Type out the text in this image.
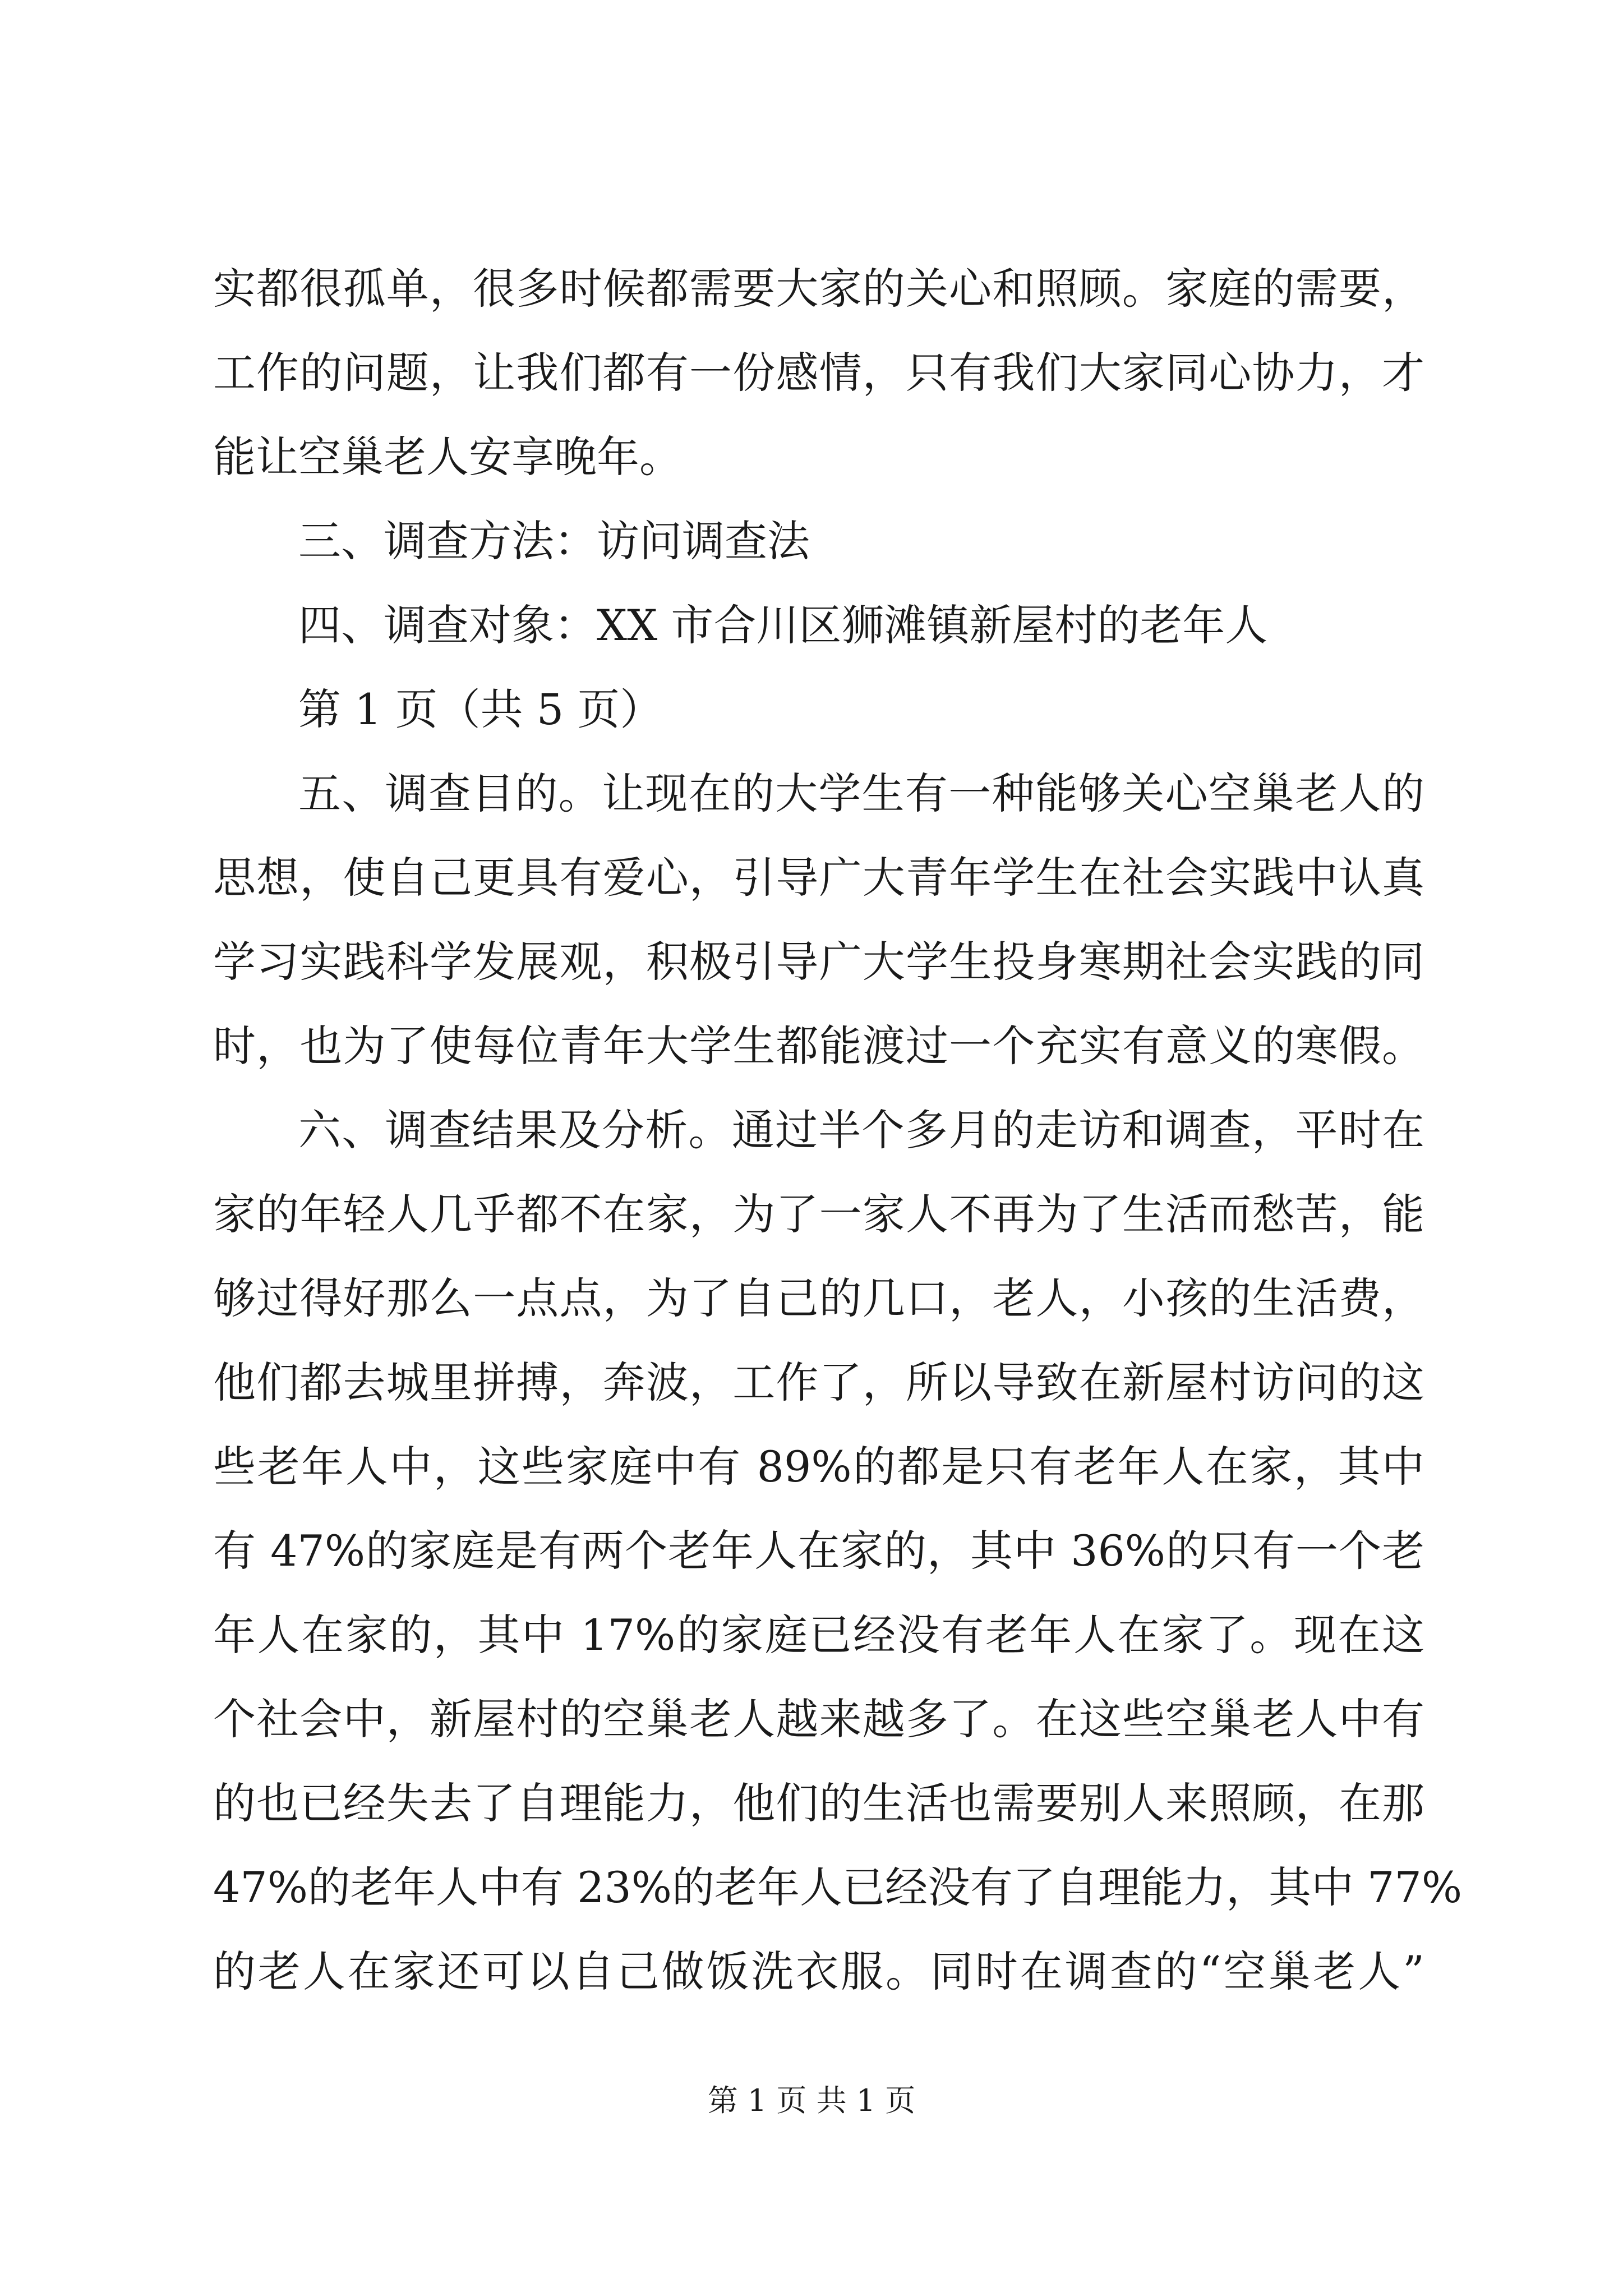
实都很孤单，很多时候都需要大家的关心和照顾。家庭的需要，
工作的问题，让我们都有一份感情，只有我们大家同心协力，才
能让空巢老人安享晚年。
三、调查方法：访问调查法
四、调查对象：XX 市合川区狮滩镇新屋村的老年人
第 1 页（共 5 页）
五、调查目的。让现在的大学生有一种能够关心空巢老人的
思想，使自己更具有爱心，引导广大青年学生在社会实践中认真
学习实践科学发展观，积极引导广大学生投身寒期社会实践的同
时，也为了使每位青年大学生都能渡过一个充实有意义的寒假。
六、调查结果及分析。通过半个多月的走访和调查，平时在
家的年轻人几乎都不在家，为了一家人不再为了生活而愁苦，能
够过得好那么一点点，为了自己的几口，老人，小孩的生活费，
他们都去城里拼搏，奔波，工作了，所以导致在新屋村访问的这
些老年人中，这些家庭中有 89%的都是只有老年人在家，其中
有 47%的家庭是有两个老年人在家的，其中 36%的只有一个老
年人在家的，其中 17%的家庭已经没有老年人在家了。现在这
个社会中，新屋村的空巢老人越来越多了。在这些空巢老人中有
的也已经失去了自理能力，他们的生活也需要别人来照顾，在那
47%的老年人中有 23%的老年人已经没有了自理能力，其中 77%
的老人在家还可以自己做饭洗衣服。同时在调查的“空巢老人”
第 1 页 共 1 页
